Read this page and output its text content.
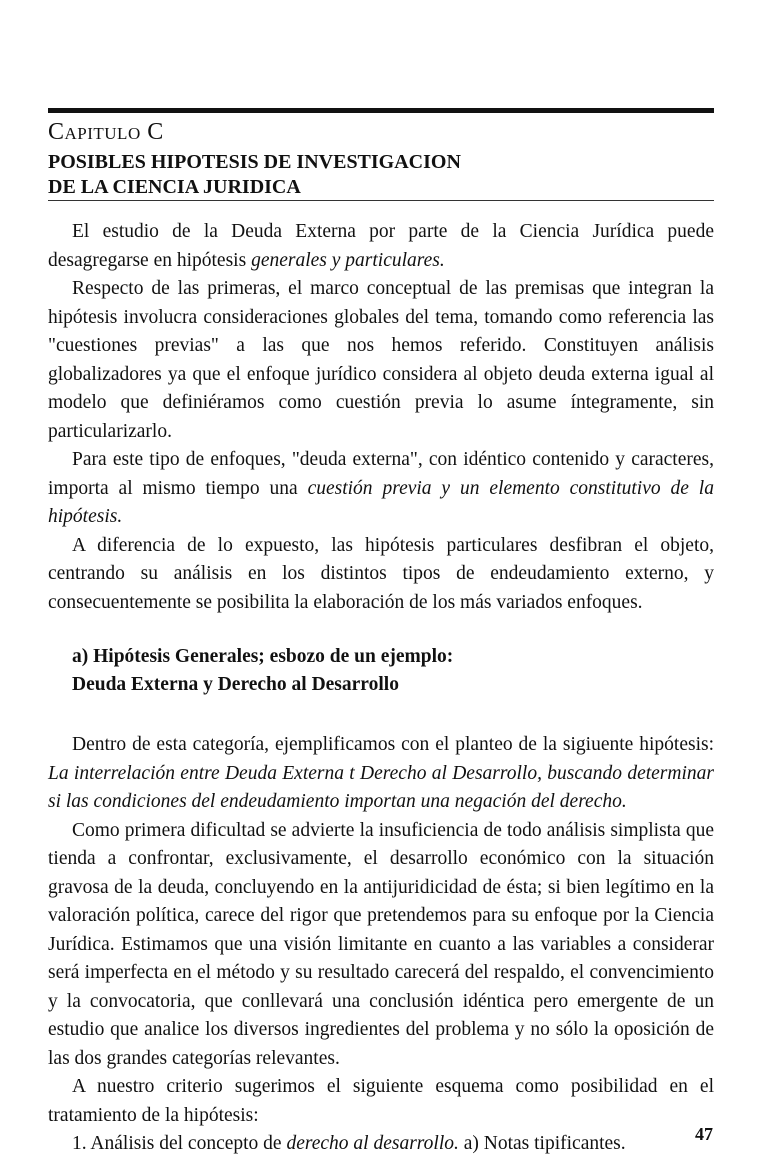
Capitulo C
POSIBLES HIPOTESIS DE INVESTIGACION
DE LA CIENCIA JURIDICA

El estudio de la Deuda Externa por parte de la Ciencia Jurídica puede desagregarse en hipótesis generales y particulares.

Respecto de las primeras, el marco conceptual de las premisas que integran la hipótesis involucra consideraciones globales del tema, tomando como referencia las "cuestiones previas" a las que nos hemos referido. Constituyen análisis globalizadores ya que el enfoque jurídico considera al objeto deuda externa igual al modelo que definiéramos como cuestión previa lo asume íntegramente, sin particularizarlo.

Para este tipo de enfoques, "deuda externa", con idéntico contenido y caracteres, importa al mismo tiempo una cuestión previa y un elemento constitutivo de la hipótesis.

A diferencia de lo expuesto, las hipótesis particulares desfibran el objeto, centrando su análisis en los distintos tipos de endeudamiento externo, y consecuentemente se posibilita la elaboración de los más variados enfoques.

a) Hipótesis Generales; esbozo de un ejemplo:
Deuda Externa y Derecho al Desarrollo

Dentro de esta categoría, ejemplificamos con el planteo de la sigiuente hipótesis: La interrelación entre Deuda Externa t Derecho al Desarrollo, buscando determinar si las condiciones del endeudamiento importan una negación del derecho.

Como primera dificultad se advierte la insuficiencia de todo análisis simplista que tienda a confrontar, exclusivamente, el desarrollo económico con la situación gravosa de la deuda, concluyendo en la antijuridicidad de ésta; si bien legítimo en la valoración política, carece del rigor que pretendemos para su enfoque por la Ciencia Jurídica. Estimamos que una visión limitante en cuanto a las variables a considerar será imperfecta en el método y su resultado carecerá del respaldo, el convencimiento y la convocatoria, que conllevará una conclusión idéntica pero emergente de un estudio que analice los diversos ingredientes del problema y no sólo la oposición de las dos grandes categorías relevantes.

A nuestro criterio sugerimos el siguiente esquema como posibilidad en el tratamiento de la hipótesis:

1. Análisis del concepto de derecho al desarrollo. a) Notas tipificantes.	47
